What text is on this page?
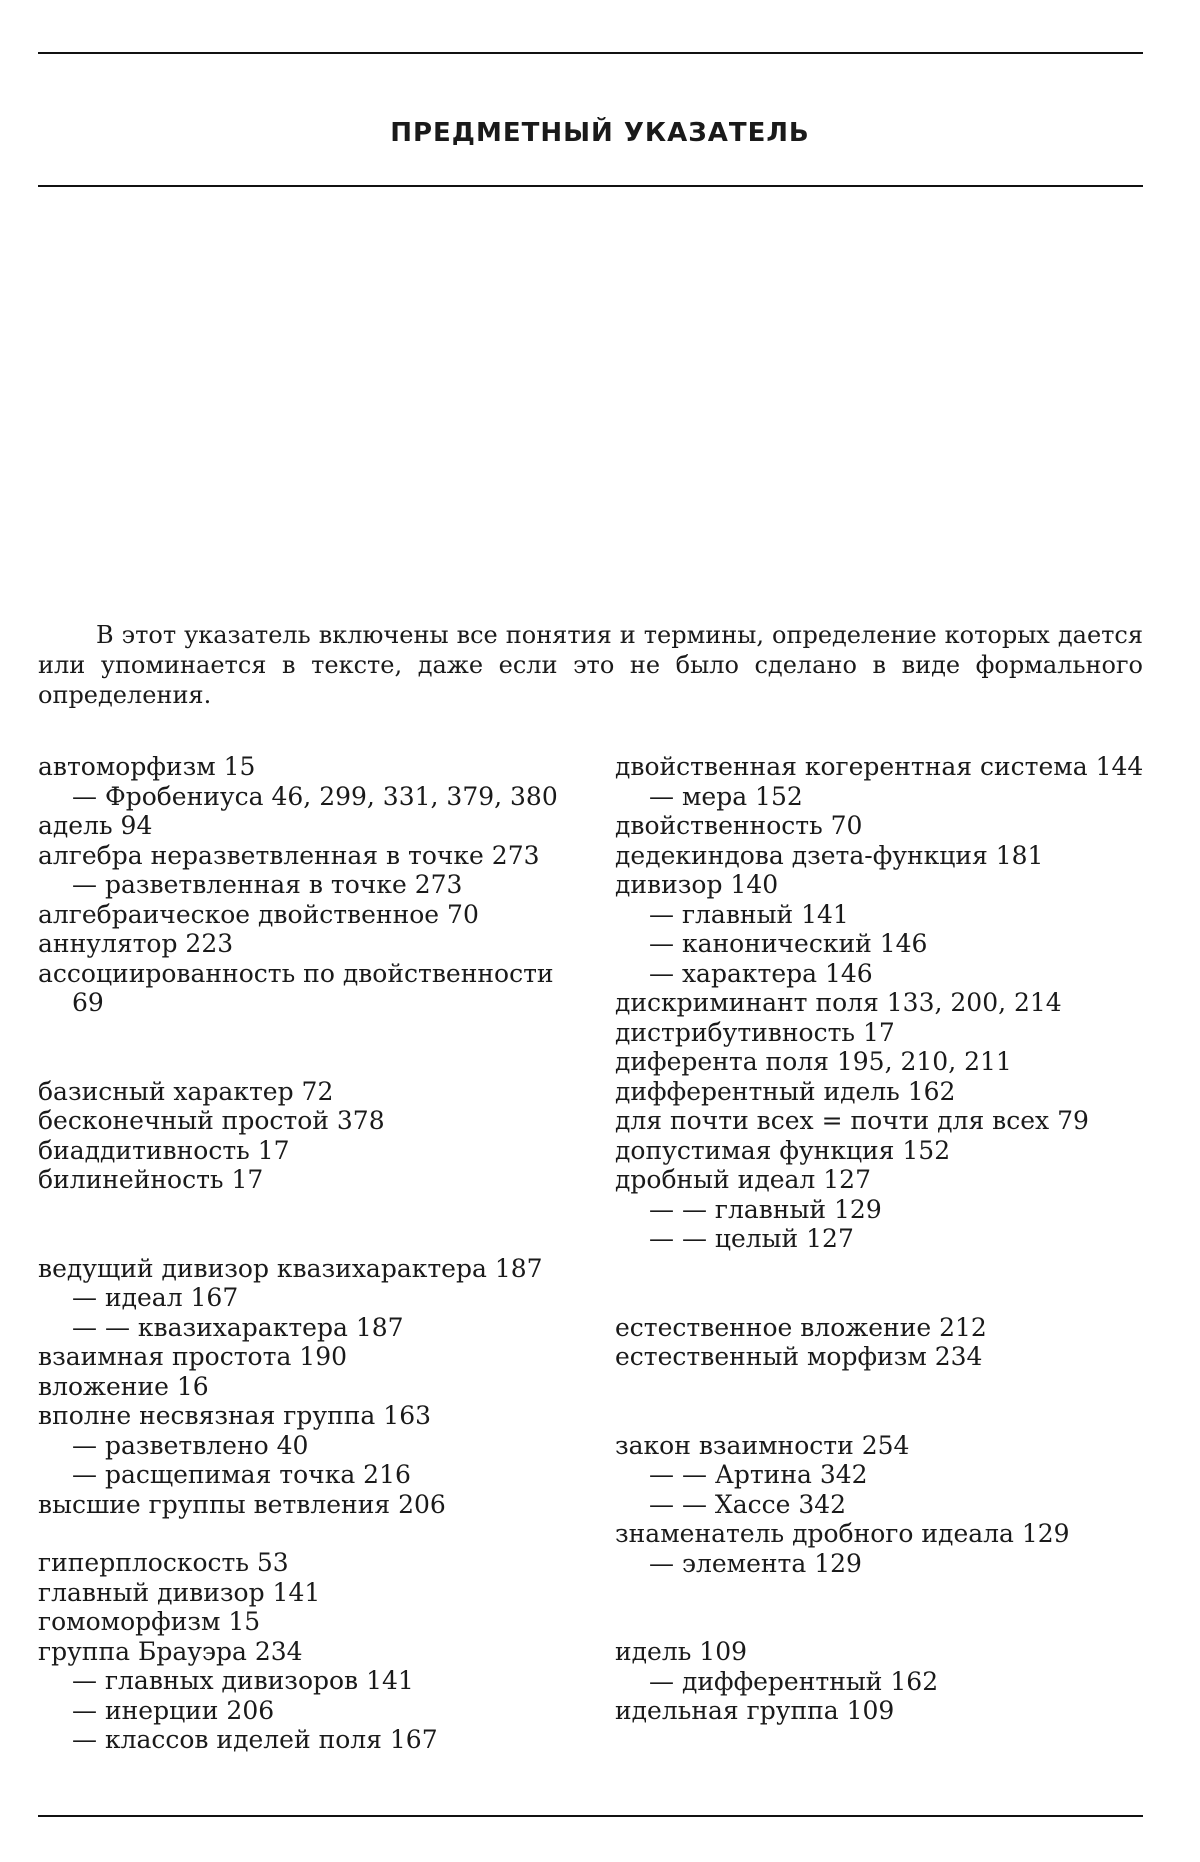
ПРЕДМЕТНЫЙ УКАЗАТЕЛЬ

В этот указатель включены все понятия и термины, определение которых дается или упоминается в тексте, даже если это не было сделано в виде формального определения.

автоморфизм 15
— Фробениуса 46, 299, 331, 379, 380
адель 94
алгебра неразветвленная в точке 273
— разветвленная в точке 273
алгебраическое двойственное 70
аннулятор 223
ассоциированность по двойственности 69
базисный характер 72
бесконечный простой 378
биаддитивность 17
билинейность 17
ведущий дивизор квазихарактера 187
— идеал 167
— — квазихарактера 187
взаимная простота 190
вложение 16
вполне несвязная группа 163
— разветвлено 40
— расщепимая точка 216
высшие группы ветвления 206
гиперплоскость 53
главный дивизор 141
гомоморфизм 15
группа Брауэра 234
— главных дивизоров 141
— инерции 206
— классов иделей поля 167
двойственная когерентная система 144
— мера 152
двойственность 70
дедекиндова дзета-функция 181
дивизор 140
— главный 141
— канонический 146
— характера 146
дискриминант поля 133, 200, 214
дистрибутивность 17
диферента поля 195, 210, 211
дифферентный идель 162
для почти всех = почти для всех 79
допустимая функция 152
дробный идеал 127
— — главный 129
— — целый 127
естественное вложение 212
естественный морфизм 234
закон взаимности 254
— — Артина 342
— — Хассе 342
знаменатель дробного идеала 129
— элемента 129
идель 109
— дифферентный 162
идельная группа 109
